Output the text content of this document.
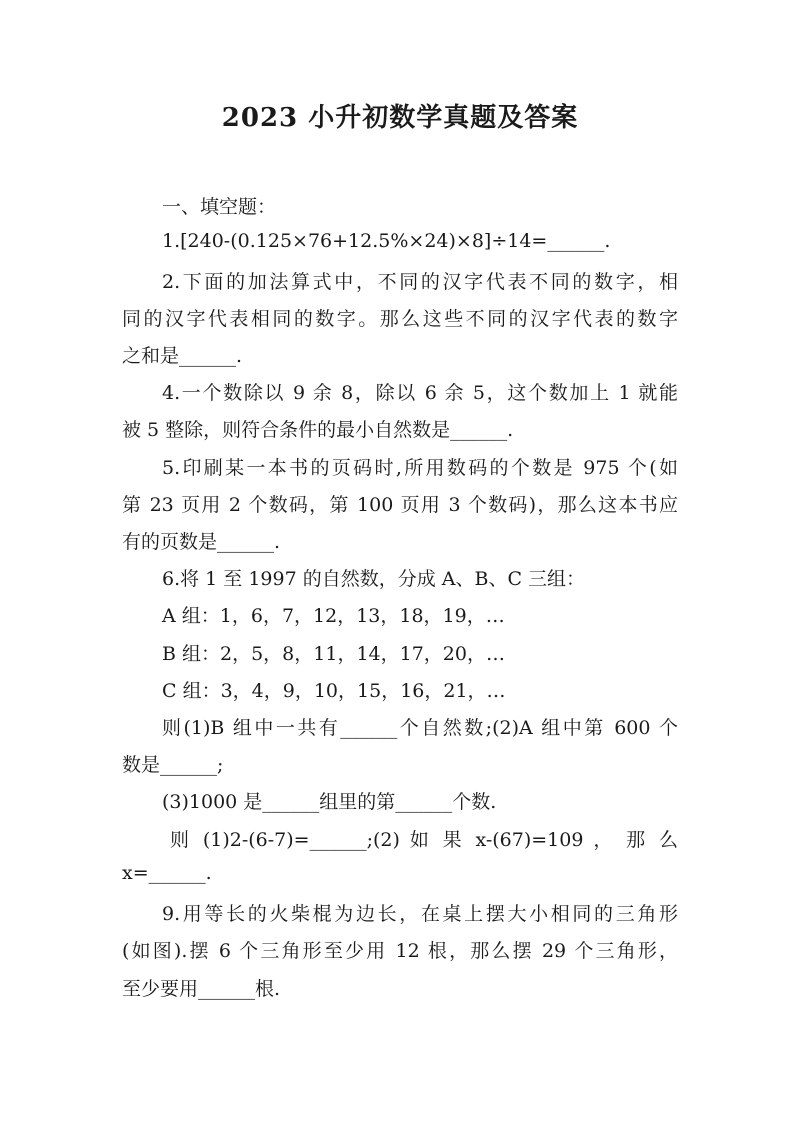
2023 小升初数学真题及答案
一、填空题：
1.[240-(0.125×76+12.5%×24)×8]÷14=______.
2.下面的加法算式中，不同的汉字代表不同的数字，相
同的汉字代表相同的数字。那么这些不同的汉字代表的数字
之和是______.
4.一个数除以 9 余 8，除以 6 余 5，这个数加上 1 就能
被 5 整除，则符合条件的最小自然数是______.
5.印刷某一本书的页码时,所用数码的个数是 975 个(如
第 23 页用 2 个数码，第 100 页用 3 个数码)，那么这本书应
有的页数是______.
6.将 1 至 1997 的自然数，分成 A、B、C 三组：
A 组：1，6，7，12，13，18，19，…
B 组：2，5，8，11，14，17，20，…
C 组：3，4，9，10，15，16，21，…
则(1)B 组中一共有______个自然数;(2)A 组中第 600 个
数是______;
(3)1000 是______组里的第______个数.
则 (1)2-(6-7)=______;(2) 如 果 x-(67)=109 ， 那 么
x=______.
9.用等长的火柴棍为边长，在桌上摆大小相同的三角形
(如图).摆 6 个三角形至少用 12 根，那么摆 29 个三角形，
至少要用______根.
